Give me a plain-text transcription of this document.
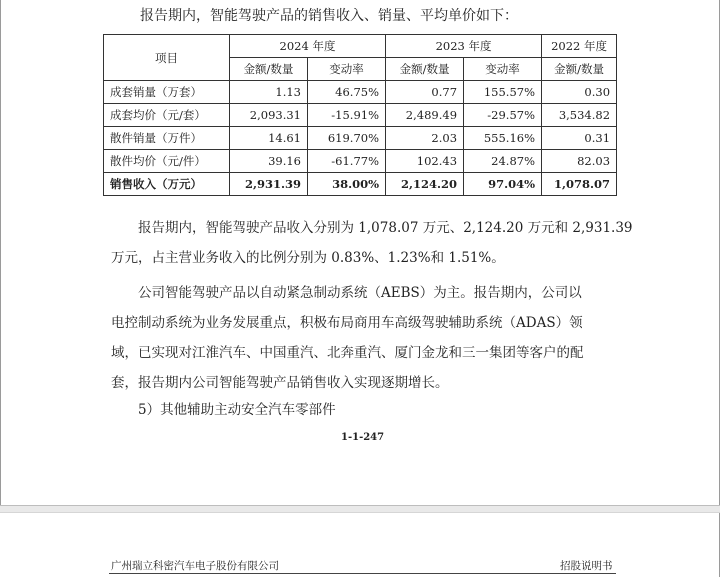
报告期内，智能驾驶产品的销售收入、销量、平均单价如下：
项目	2024 年度		2023 年度		2022 年度
	金额/数量	变动率	金额/数量	变动率	金额/数量
成套销量（万套）	1.13	46.75%	0.77	155.57%	0.30
成套均价（元/套）	2,093.31	-15.91%	2,489.49	-29.57%	3,534.82
散件销量（万件）	14.61	619.70%	2.03	555.16%	0.31
散件均价（元/件）	39.16	-61.77%	102.43	24.87%	82.03
销售收入（万元）	2,931.39	38.00%	2,124.20	97.04%	1,078.07
报告期内，智能驾驶产品收入分别为 1,078.07 万元、2,124.20 万元和 2,931.39
万元，占主营业务收入的比例分别为 0.83%、1.23%和 1.51%。
公司智能驾驶产品以自动紧急制动系统（AEBS）为主。报告期内，公司以
电控制动系统为业务发展重点，积极布局商用车高级驾驶辅助系统（ADAS）领
域，已实现对江淮汽车、中国重汽、北奔重汽、厦门金龙和三一集团等客户的配
套，报告期内公司智能驾驶产品销售收入实现逐期增长。
5）其他辅助主动安全汽车零部件
1-1-247
广州瑞立科密汽车电子股份有限公司	招股说明书
